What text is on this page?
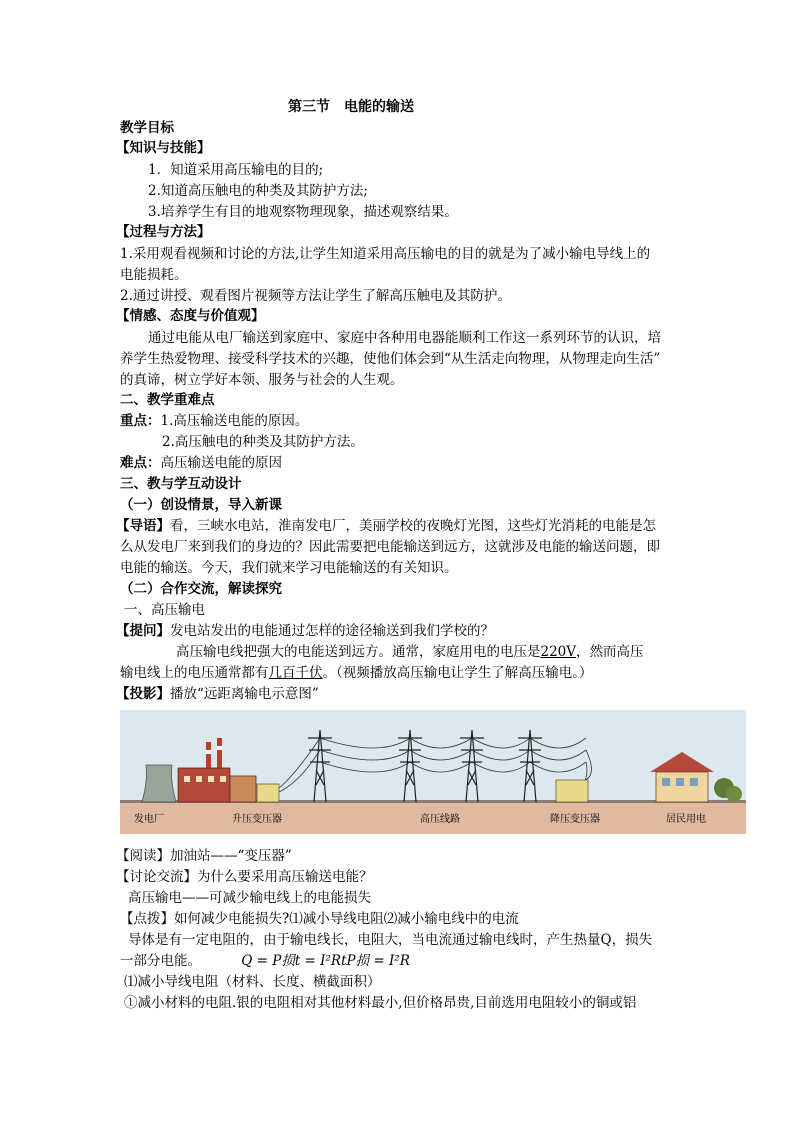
第三节　电能的输送
教学目标
【知识与技能】
1．知道采用高压输电的目的;
2.知道高压触电的种类及其防护方法;
3.培养学生有目的地观察物理现象，描述观察结果。
【过程与方法】
1.采用观看视频和讨论的方法,让学生知道采用高压输电的目的就是为了减小输电导线上的
电能损耗。
2.通过讲授、观看图片视频等方法让学生了解高压触电及其防护。
【情感、态度与价值观】
通过电能从电厂输送到家庭中、家庭中各种用电器能顺利工作这一系列环节的认识，培
养学生热爱物理、接受科学技术的兴趣，使他们体会到“从生活走向物理，从物理走向生活”
的真谛，树立学好本领、服务与社会的人生观。
二、教学重难点
重点：1.高压输送电能的原因。
2.高压触电的种类及其防护方法。
难点：高压输送电能的原因
三、教与学互动设计
（一）创设情景，导入新课
【导语】看，三峡水电站，淮南发电厂，美丽学校的夜晚灯光图，这些灯光消耗的电能是怎
么从发电厂来到我们的身边的？因此需要把电能输送到远方，这就涉及电能的输送问题，即
电能的输送。今天，我们就来学习电能输送的有关知识。
（二）合作交流，解读探究
一、高压输电
【提问】发电站发出的电能通过怎样的途径输送到我们学校的？
高压输电线把强大的电能送到远方。通常，家庭用电的电压是220V，然而高压
输电线上的电压通常都有几百千伏。（视频播放高压输电让学生了解高压输电。）
【投影】播放“远距离输电示意图”
发电厂	升压变压器	高压线路	降压变压器	居民用电
【阅读】加油站——“变压器”
【讨论交流】为什么要采用高压输送电能？
高压输电——可减少输电线上的电能损失
【点拨】如何减少电能损失?⑴减小导线电阻⑵减小输电线中的电流
导体是有一定电阻的，由于输电线长，电阻大，当电流通过输电线时，产生热量Q，损失
一部分电能。	Q = P损t = I²RtP损 = I²R
⑴减小导线电阻（材料、长度、横截面积）
①减小材料的电阻.银的电阻相对其他材料最小,但价格昂贵,目前选用电阻较小的铜或铝
